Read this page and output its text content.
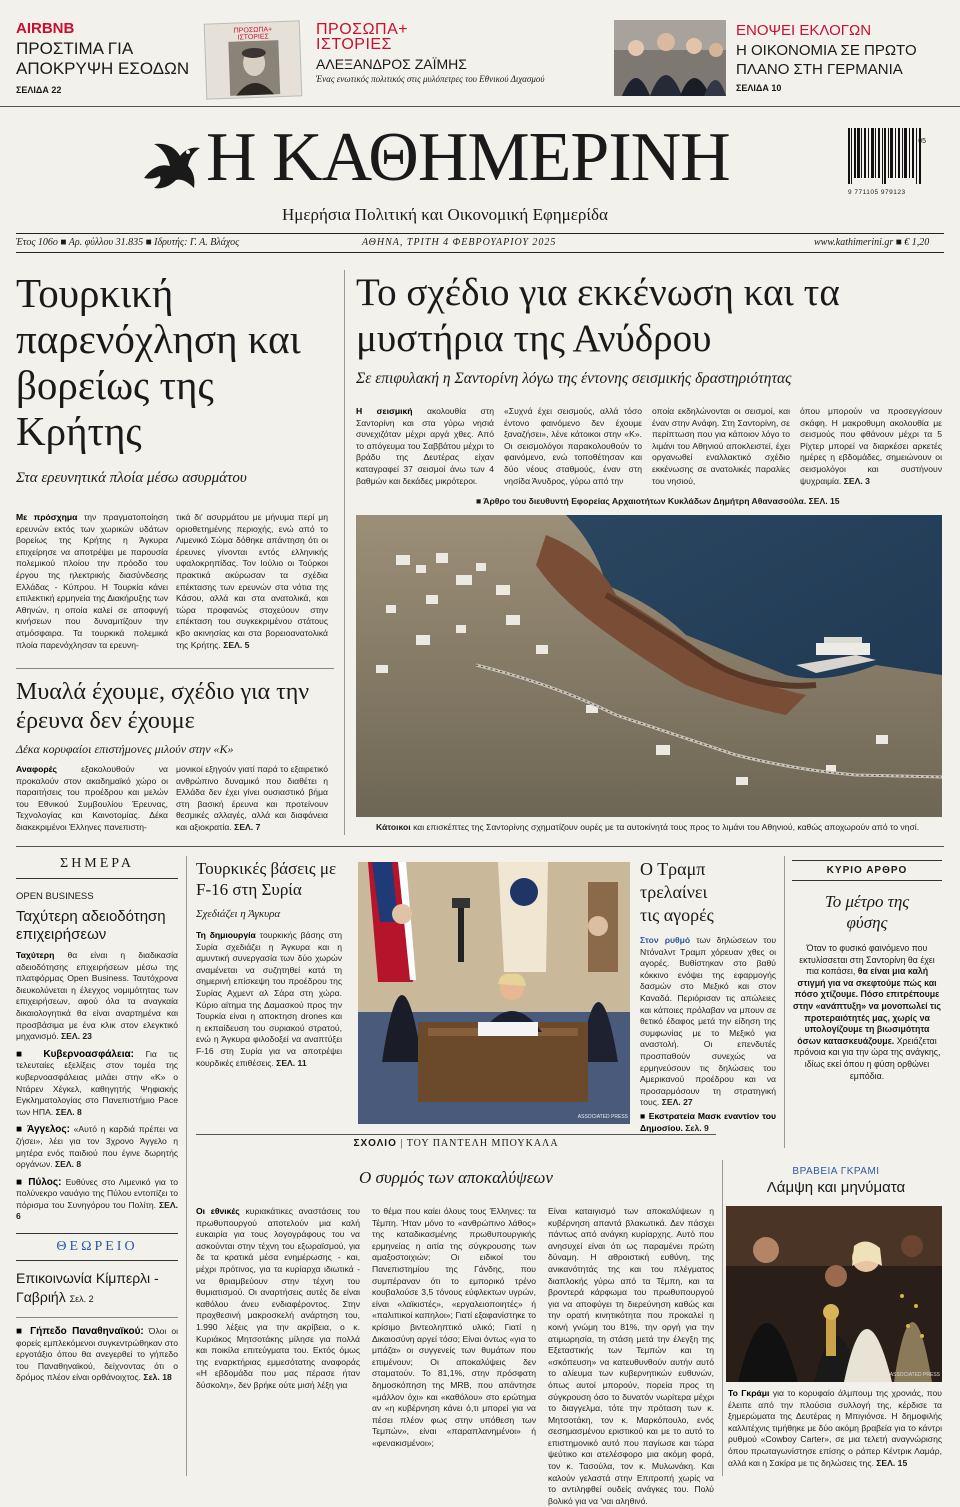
AIRBNB
ΠΡΟΣΤΙΜΑ ΓΙΑ ΑΠΟΚΡΥΨΗ ΕΣΟΔΩΝ
ΣΕΛΙΔΑ 22
ΠΡΟΣΩΠΑ+
ΙΣΤΟΡΙΕΣ	ΠΡΟΣΩΠΑ+
ΙΣΤΟΡΙΕΣ
ΑΛΕΞΑΝΔΡΟΣ ΖΑΪΜΗΣ
Ένας ενωτικός πολιτικός στις μυλόπετρες του Εθνικού Διχασμού
ΕΝΟΨΕΙ ΕΚΛΟΓΩΝ
Η ΟΙΚΟΝΟΜΙΑ ΣΕ ΠΡΩΤΟ ΠΛΑΝΟ ΣΤΗ ΓΕΡΜΑΝΙΑ
ΣΕΛΙΔΑ 10
Η ΚΑΘΗΜΕΡΙΝΗ
Ημερήσια Πολιτική και Οικονομική Εφημερίδα
9 771105 979123
05
Έτος 106ο ■ Αρ. φύλλου 31.835 ■ Ιδρυτής: Γ. Α. Βλάχος	ΑΘΗΝΑ, ΤΡΙΤΗ 4 ΦΕΒΡΟΥΑΡΙΟΥ 2025	www.kathimerini.gr ■ € 1,20
Τουρκική παρενόχληση και βορείως της Κρήτης
Στα ερευνητικά πλοία μέσω ασυρμάτου
Με πρόσχημα την πραγματοποίηση ερευνών εκτός των χωρικών υδάτων βορείως της Κρήτης η Άγκυρα επιχείρησε να αποτρέψει με παρουσία πολεμικού πλοίου την πρόοδο του έργου της ηλεκτρικής διασύνδεσης Ελλάδας - Κύπρου. Η Τουρκία κάνει επιλεκτική ερμηνεία της Διακήρυξης των Αθηνών, η οποία καλεί σε αποφυγή κινήσεων που δυναμιτίζουν την ατμόσφαιρα. Τα τουρκικά πολεμικά πλοία παρενόχλησαν τα ερευνη-
τικά δι' ασυρμάτου με μήνυμα περί μη οριοθετημένης περιοχής, ενώ από το Λιμενικό Σώμα δόθηκε απάντηση ότι οι έρευνες γίνονται εντός ελληνικής υφαλοκρηπίδας. Τον Ιούλιο οι Τούρκοι πρακτικά ακύρωσαν τα σχέδια επέκτασης των ερευνών στα νότια της Κάσου, αλλά και στα ανατολικά, και τώρα προφανώς στοχεύουν στην επέκταση του συγκεκριμένου στάτους κβο ακινησίας και στα βορειοανατολικά της Κρήτης. ΣΕΛ. 5
Μυαλά έχουμε, σχέδιο για την έρευνα δεν έχουμε
Δέκα κορυφαίοι επιστήμονες μιλούν στην «Κ»
Αναφορές	εξακολουθούν να προκαλούν στον ακαδημαϊκό χώρο οι παραιτήσεις του προέδρου και μελών του Εθνικού Συμβουλίου Έρευνας, Τεχνολογίας και Καινοτομίας. Δέκα διακεκριμένοι Έλληνες πανεπιστη-
μονικοί εξηγούν γιατί παρά το εξαιρετικό ανθρώπινο δυναμικό που διαθέτει η Ελλάδα δεν έχει γίνει ουσιαστικό βήμα στη βασική έρευνα και προτείνουν θεσμικές αλλαγές, αλλά και διαφάνεια και αξιοκρατία. ΣΕΛ. 7
Το σχέδιο για εκκένωση και τα μυστήρια της Ανύδρου
Σε επιφυλακή η Σαντορίνη λόγω της έντονης σεισμικής δραστηριότητας
Η σεισμική ακολουθία στη Σαντορίνη και στα γύρω νησιά συνεχιζόταν μέχρι αργά χθες. Από το απόγευμα του Σαββάτου μέχρι το βράδυ της Δευτέρας είχαν καταγραφεί 37 σεισμοί άνω των 4 βαθμών και δεκάδες μικρότεροι.
«Συχνά έχει σεισμούς, αλλά τόσο έντονο φαινόμενο δεν έχουμε ξαναζήσει», λένε κάτοικοι στην «Κ». Οι σεισμολόγοι παρακολουθούν το φαινόμενο, ενώ τοποθέτησαν και δύο νέους σταθμούς, έναν στη νησίδα Άνυδρος, γύρω από την
οποία εκδηλώνονται οι σεισμοί, και έναν στην Ανάφη. Στη Σαντορίνη, σε περίπτωση που για κάποιον λόγο το λιμάνι του Αθηνιού αποκλειστεί, έχει οργανωθεί εναλλακτικό σχέδιο εκκένωσης σε ανατολικές παραλίες του νησιού,
όπου μπορούν να προσεγγίσουν σκάφη. Η μακροθυμη ακολουθία με σεισμούς που φθάνουν μέχρι τα 5 Ρίχτερ μπορεί να διαρκέσει αρκετές ημέρες η εβδομάδες, σημειώνουν οι σεισμολόγοι και συστήνουν ψυχραιμία. ΣΕΛ. 3
■ Άρθρο του διευθυντή Εφορείας Αρχαιοτήτων Κυκλάδων Δημήτρη Αθανασούλα. ΣΕΛ. 15
ΑΠΕ-ΜΠΕ / ΚΩΣΤΑΣ ΛΑΝΤΖΗΣ
Κάτοικοι και επισκέπτες της Σαντορίνης σχηματίζουν ουρές με τα αυτοκίνητά τους προς το λιμάνι του Αθηνιού, καθώς αποχωρούν από το νησί.
ΣΗΜΕΡΑ
OPEN BUSINESS
Ταχύτερη αδειοδότηση επιχειρήσεων
Ταχύτερη θα είναι η διαδικασία αδειοδότησης επιχειρήσεων μέσω της πλατφόρμας Open Business. Ταυτόχρονα διευκολύνεται η έλεγχος νομιμότητας των επιχειρήσεων, αφού όλα τα αναγκαία δικαιολογητικά θα είναι αναρτημένα και προσβάσιμα με ένα κλικ στον ελεγκτικό μηχανισμό. ΣΕΛ. 23
■ Κυβερνοασφάλεια: Για τις τελευταίες εξελίξεις στον τομέα της κυβερνοασφάλειας μιλάει στην «Κ» ο Ντάρεν Χέγκελ, καθηγητής Ψηφιακής Εγκληματολογίας στο Πανεπιστήμιο Pace των ΗΠΑ. ΣΕΛ. 8
■ Άγγελος: «Αυτό η καρδιά πρέπει να ζήσει», λέει για τον 3χρονο Άγγελο η μητέρα ενός παιδιού που έγινε δωρητής οργάνων. ΣΕΛ. 8
■ Πύλος: Ευθύνες στο Λιμενικό για το πολύνεκρο ναυάγιο της Πύλου εντοπίζει το πόρισμα του Συνηγόρου του Πολίτη. ΣΕΛ. 6
ΘΕΩΡΕΙΟ
Επικοινωνία Κίμπερλι - Γαβριήλ Σελ. 2
■ Γήπεδο Παναθηναϊκού: Όλοι οι φορείς εμπλεκόμενοι συγκεντρώθηκαν στο εργοτάξιο όπου θα ανεγερθεί το γήπεδο του Παναθηναϊκού, δείχνοντας ότι ο δρόμος πλέον είναι ορθάνοιχτος. Σελ. 18
Τουρκικές βάσεις με F-16 στη Συρία
Σχεδιάζει η Άγκυρα
Τη δημιουργία τουρκικής βάσης στη Συρία σχεδιάζει η Άγκυρα και η αμυντική συνεργασία των δύο χωρών αναμένεται να συζητηθεί κατά τη σημερινή επίσκεψη του προέδρου της Συρίας Αχμεντ αλ Σάρα στη χώρα. Κύριο αίτημα της Δαμασκού προς την Τουρκία είναι η αποκτηση drones και η εκπαίδευση του συριακού στρατού, ενώ η Άγκυρα φιλοδοξεί να αναπτύξει F-16 στη Συρία για να αποτρέψει κουρδικές επιθέσεις. ΣΕΛ. 11
ASSOCIATED PRESS
Ο Τραμπ τρελαίνει τις αγορές
Στον ρυθμό των δηλώσεων του Ντόναλντ Τραμπ χόρευαν χθες οι αγορές. Βυθίστηκαν στο βαθύ κόκκινο ενόψει της εφαρμογής δασμών στο Μεξικό και στον Καναδά. Περιόρισαν τις απώλειες και κάποιες πρόλαβαν να μπουν σε θετικό έδαφος μετά την είδηση της συμφωνίας με το Μεξικό για αναστολή. Οι επενδυτές προσπαθούν συνεχώς να ερμηνεύσουν τις δηλώσεις του Αμερικανού προέδρου και να προσαρμόσουν τη στρατηγική τους. ΣΕΛ. 27
■ Εκστρατεία Μασκ εναντίον του Δημοσίου. Σελ. 9
ΚΥΡΙΟ ΑΡΘΡΟ
Το μέτρο της φύσης
Όταν το φυσικό φαινόμενο που εκτυλίσσεται στη Σαντορίνη θα έχει πια κοπάσει, θα είναι μια καλή στιγμή για να σκεφτούμε πώς και πόσο χτίζουμε. Πόσο επιτρέπουμε στην «ανάπτυξη» να μονοπωλεί τις προτεραιότητές μας, χωρίς να υπολογίζουμε τη βιωσιμότητα όσων κατασκευάζουμε. Χρειάζεται πρόνοια και για την ώρα της ανάγκης, ιδίως εκεί όπου η φύση ορθώνει εμπόδια.
ΣΧΟΛΙΟ | ΤΟΥ ΠΑΝΤΕΛΗ ΜΠΟΥΚΑΛΑ
Ο συρμός των αποκαλύψεων
Οι εθνικές κυριακάτικες αναστάσεις του πρωθυπουργού αποτελούν μια καλή ευκαιρία για τους λογογράφους του να ασκούνται στην τέχνη του εξωραϊσμού, για δε τα κρατικά μέσα ενημέρωσης - και, μέχρι πρότινος, για τα κυρίαρχα ιδιωτικά - να θριαμβεύουν στην τέχνη του θυμιατισμού. Οι αναρτήσεις αυτές δε είναι καθόλου άνευ ενδιαφέροντος. Στην προχθεσινή μακροσκελή ανάρτηση του, 1.990 λέξεις για την ακρίβεια, ο κ. Κυριάκος Μητσοτάκης μίλησε για πολλά και ποικίλα επιτεύγματα του. Εκτός όμως της εναρκτήριας εμμεσότατης αναφοράς «Η εβδομάδα που μας πέρασε ήταν δύσκολη», δεν βρήκε ούτε μισή λέξη για
το θέμα που καίει όλους τους Έλληνες: τα Τέμπη. Ήταν μόνο το «ανθρώπινο λάθος» της καταδικασμένης πρωθυπουργικής ερμηνείας η αιτία της σύγκρουσης των αμαξοστοιχιών; Οι ειδικοί του Πανεπιστημίου της Γάνδης, που συμπέραναν ότι το εμπορικό τρένο κουβαλούσε 3,5 τόνους εύφλεκτων υγρών, είναι «λαϊκιστές», «εργαλειοποιητές» ή «παλιπικοί καπηλοι»; Γιατί εξαφανίστηκε το κρίσιμο βιντεοληπτικό υλικό; Γιατί η Δικαιοσύνη αργεί τόσο; Είναι όντως «για το μπάζα» οι συγγενείς των θυμάτων που επιμένουν; Οι αποκαλύψεις δεν σταματούν. Το 81,1%, στην πρόσφατη δημοσκόπηση της MRB, που απάντησε «μάλλον όχι» και «καθόλου» στο ερώτημα αν «η κυβέρνηση κάνει ό,τι μπορεί για να πέσει πλέον φως στην υπόθεση των Τεμπών», είναι «παραπλανημένοι» ή «φενακισμένοι»;
Είναι καταιγισμό των αποκαλύψεων η κυβέρνηση απαντά βλακωτικά. Δεν πάσχει πάντως από ανάγκη κυρίαρχης. Αυτό που ανησυχεί είναι ότι ως παραμένει πρώτη δύναμη. Η αθροιστική ευθύνη, της ανικανότητάς της και του πλέγματος διαπλοκής γύρω από τα Τέμπη, και τα βροντερά κάρφωμα του πρωθυπουργού για να αποφύγει τη διερεύνηση καθώς και την ορατή κινητικότητα που προκαλεί η κοινή γνώμη του 81%, την οργή για την ατιμωρησία, τη στάση μετά την έλεγξη της Εξεταστικής των Τεμπών και τη «σκόπευση» να κατευθυνθούν αυτήν αυτό το αλίευμα των κυβερνητικών ευθυνών, όπως αυτοί μπορούν, πορεία προς τη σύγκρουση όσο το δυνατόν νωρίτερα μέχρι το διαγγελμα, τότε την πρόταση των κ. Μητσοτάκη, τον κ. Μαρκόπουλο, ενός σεσημασμένου εριστικού και με το αυτό το επιστημονικό αυτό που παγίωσε και τώρα ψεύτικο και ατελέσφορο μια ακόμη φορά, τον κ. Τασούλα, τον κ. Μυλωνάκη. Και καλούν γελαστά στην Επιτροπή χωρίς να το αντιληφθεί ουδείς ανάγκες του. Πολύ βολικό για να 'ναι αληθινό.
ΒΡΑΒΕΙΑ ΓΚΡΑΜΙ
Λάμψη και μηνύματα
ASSOCIATED PRESS
Το Γκράμι για το κορυφαίο άλμπουμ της χρονιάς, που έλειπε από την πλούσια συλλογή της, κέρδισε τα ξημερώματα της Δευτέρας η Μπιγιόνσε. Η δημοφιλής καλλιτέχνις τιμήθηκε με δύο ακόμη βραβεία για το κάντρι ρυθμού «Cowboy Carter», σε μια τελετή αναγνώρισης όπου πρωταγωνίστησε επίσης ο ράπερ Κέντρικ Λαμάρ, αλλά και η Σακίρα με τις δηλώσεις της. ΣΕΛ. 15
